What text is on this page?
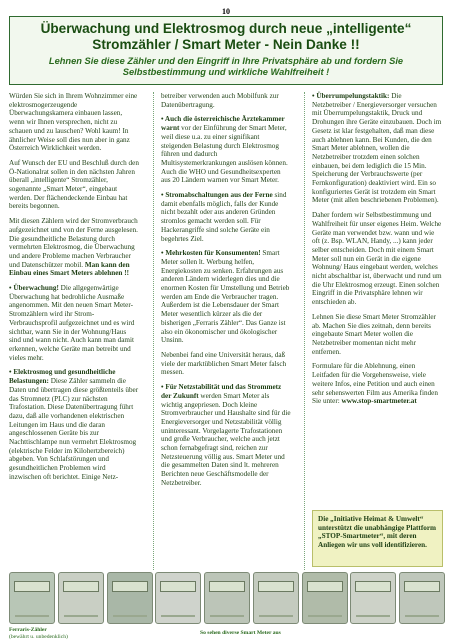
10
Überwachung und Elektrosmog durch neue „intelligente“ Stromzähler / Smart Meter - Nein Danke !!
Lehnen Sie diese Zähler und den Eingriff in Ihre Privatsphäre ab und fordern Sie Selbstbestimmung und wirkliche Wahlfreiheit !

Würden Sie sich in Ihrem Wohnzimmer eine elektrosmogerzeugende Überwachungskamera einbauen lassen, wenn wir Ihnen versprechen, nicht zu schauen und zu lauschen? Wohl kaum! In ähnlicher Weise soll dies nun aber in ganz Österreich Wirklichkeit werden.

Auf Wunsch der EU und Beschluß durch den Ö-Nationalrat sollen in den nächsten Jahren überall „intelligente“ Stromzähler, sogenannte „Smart Meter“, eingebaut werden. Der flächendeckende Einbau hat bereits begonnen.

Mit diesen Zählern wird der Stromverbrauch aufgezeichnet und von der Ferne ausgelesen. Die gesundheitliche Belastung durch vermehrten Elektrosmog, die Überwachung und andere Probleme machen Verbraucher und Datenschützer mobil. Man kann den Einbau eines Smart Meters ablehnen !!

• Überwachung! Die allgegenwärtige Überwachung hat bedrohliche Ausmaße angenommen. Mit den neuen Smart Meter-Stromzählern wird ihr Strom-Verbrauchsprofil aufgezeichnet und es wird sichtbar, wann Sie in der Wohnung/Haus sind und wann nicht. Auch kann man damit erkennen, welche Geräte man betreibt und vieles mehr.

• Elektrosmog und gesundheitliche Belastungen: Diese Zähler sammeln die Daten und übertragen diese größtenteils über das Stromnetz (PLC) zur nächsten Trafostation. Diese Datenübertragung führt dazu, daß alle vorhandenen elektrischen Leitungen im Haus und die daran angeschlossenen Geräte bis zur Nachttischlampe nun vermehrt Elektrosmog (elektrische Felder im Kilohertzbereich) abgeben. Von Schlafstörungen und gesundheitlichen Problemen wird inzwischen oft berichtet. Einige Netz-

betreiber verwenden auch Mobilfunk zur Datenübertragung.

• Auch die österreichische Ärztekammer warnt vor der Einführung der Smart Meter, weil diese u.a. zu einer signifikant steigenden Belastung durch Elektrosmog führen und dadurch Multisystemerkrankungen auslösen können. Auch die WHO und Gesundheitsexperten aus 20 Ländern warnen vor Smart Meter.

• Stromabschaltungen aus der Ferne sind damit ebenfalls möglich, falls der Kunde nicht bezahlt oder aus anderen Gründen stromlos gemacht werden soll. Für Hackerangriffe sind solche Geräte ein begehrtes Ziel.

• Mehrkosten für Konsumenten! Smart Meter sollen lt. Werbung helfen, Energiekosten zu senken. Erfahrungen aus anderen Ländern widerlegen dies und die enormen Kosten für Umstellung und Betrieb werden am Ende die Verbraucher tragen. Außerdem ist die Lebensdauer der Smart Meter wesentlich kürzer als die der bisherigen „Ferraris Zähler“. Das Ganze ist also ein ökonomischer und ökologischer Unsinn.

Nebenbei fand eine Universität heraus, daß viele der marktüblichen Smart Meter falsch messen.

• Für Netzstabilität und das Strommetz der Zukunft werden Smart Meter als wichtig angepriesen. Doch kleine Stromverbraucher und Haushalte sind für die Energieversorger und Netzstabilität völlig uninteressant. Vorgelagerte Trafostationen und große Verbraucher, welche auch jetzt schon fernabgefragt sind, reichen zur Netzsteuerung völlig aus. Smart Meter und die gesammelten Daten sind lt. mehreren Berichten neue Geschäftsmodelle der Netzbetreiber.

• Überrumpelungstaktik: Die Netzbetreiber / Energieversorger versuchen mit Überrumpelungstaktik, Druck und Drohungen ihre Geräte einzubauen. Doch im Gesetz ist klar festgehalten, daß man diese auch ablehnen kann. Bei Kunden, die den Smart Meter ablehnen, wollen die Netzbetreiber trotzdem einen solchen einbauen, bei dem lediglich die 15 Min. Speicherung der Verbrauchswerte (per Fernkonfiguration) deaktiviert wird. Ein so konfiguriertes Gerät ist trotzdem ein Smart Meter (mit allen beschriebenen Problemen).

Daher fordern wir Selbstbestimmung und Wahlfreiheit für unser eigenes Heim. Welche Geräte man verwendet bzw. wann und wie oft (z. Bsp. WLAN, Handy, ...) kann jeder selber entscheiden. Doch mit einem Smart Meter soll nun ein Gerät in die eigene Wohnung/ Haus eingebaut werden, welches nicht abschaltbar ist, überwacht und rund um die Uhr Elektrosmog erzeugt. Einen solchen Eingriff in die Privatsphäre lehnen wir entschieden ab.

Lehnen Sie diese Smart Meter Stromzähler ab. Machen Sie dies zeitnah, denn bereits eingebaute Smart Meter wollen die Netzbetreiber momentan nicht mehr entfernen.

Formulare für die Ablehnung, einen Leitfaden für die Vorgehensweise, viele weitere Infos, eine Petition und auch einen sehr sehenswerten Film aus Amerika finden Sie unter: www.stop-smartmeter.at

Die „Initiative Heimat & Umwelt“ unterstützt die unabhängige Plattform „STOP-Smartmeter“, mit deren Anliegen wir uns voll identifizieren.
Ferraris-Zähler
(bewährt u. unbedenklich)
So sehen diverse Smart Meter aus
